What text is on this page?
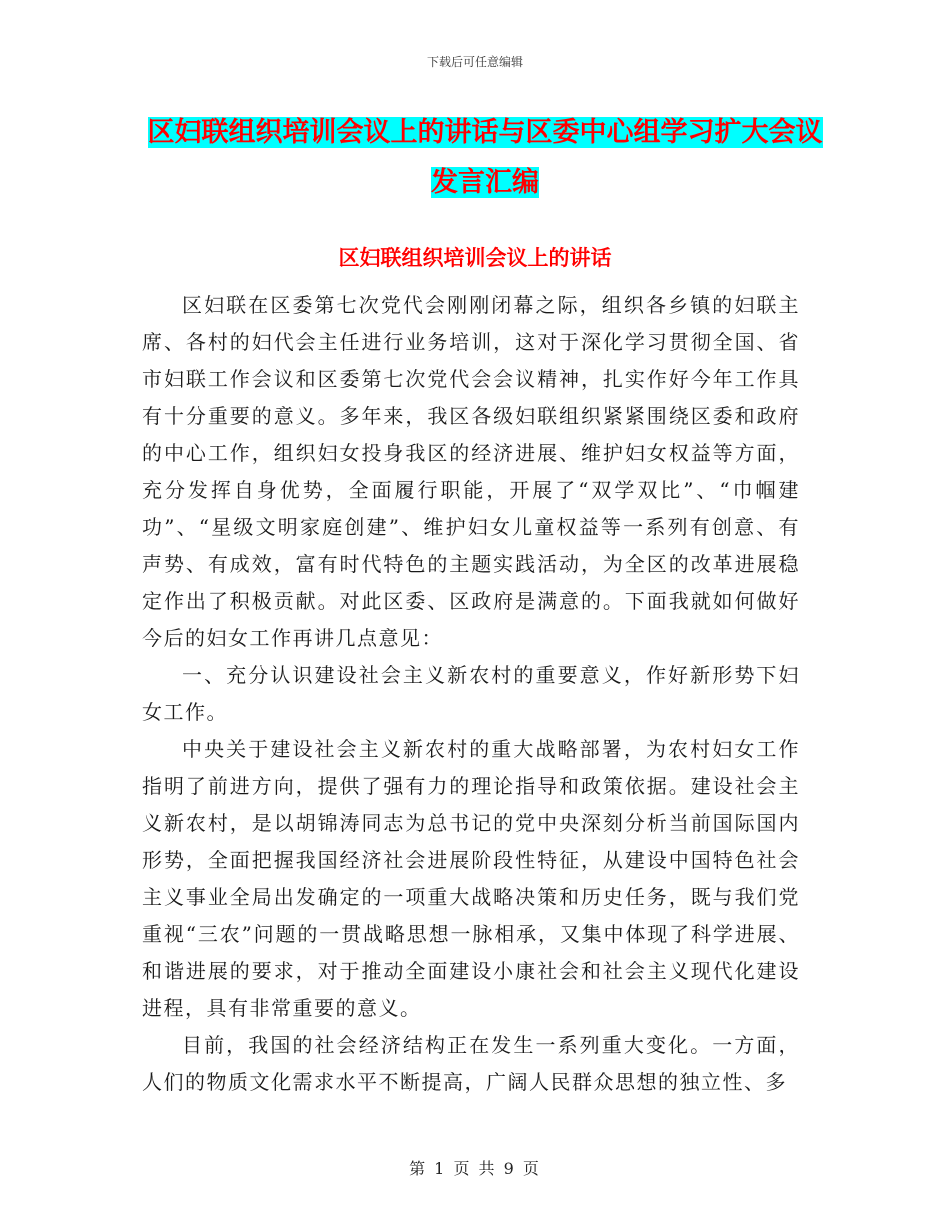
下载后可任意编辑
区妇联组织培训会议上的讲话与区委中心组学习扩大会议发言汇编
区妇联组织培训会议上的讲话

区妇联在区委第七次党代会刚刚闭幕之际，组织各乡镇的妇联主席、各村的妇代会主任进行业务培训，这对于深化学习贯彻全国、省市妇联工作会议和区委第七次党代会会议精神，扎实作好今年工作具有十分重要的意义。多年来，我区各级妇联组织紧紧围绕区委和政府的中心工作，组织妇女投身我区的经济进展、维护妇女权益等方面，充分发挥自身优势，全面履行职能，开展了“双学双比”、“巾帼建功”、“星级文明家庭创建”、维护妇女儿童权益等一系列有创意、有声势、有成效，富有时代特色的主题实践活动，为全区的改革进展稳定作出了积极贡献。对此区委、区政府是满意的。下面我就如何做好今后的妇女工作再讲几点意见：

一、充分认识建设社会主义新农村的重要意义，作好新形势下妇女工作。

中央关于建设社会主义新农村的重大战略部署，为农村妇女工作指明了前进方向，提供了强有力的理论指导和政策依据。建设社会主义新农村，是以胡锦涛同志为总书记的党中央深刻分析当前国际国内形势，全面把握我国经济社会进展阶段性特征，从建设中国特色社会主义事业全局出发确定的一项重大战略决策和历史任务，既与我们党重视“三农”问题的一贯战略思想一脉相承，又集中体现了科学进展、和谐进展的要求，对于推动全面建设小康社会和社会主义现代化建设进程，具有非常重要的意义。

目前，我国的社会经济结构正在发生一系列重大变化。一方面，人们的物质文化需求水平不断提高，广阔人民群众思想的独立性、多

第 1 页 共 9 页
